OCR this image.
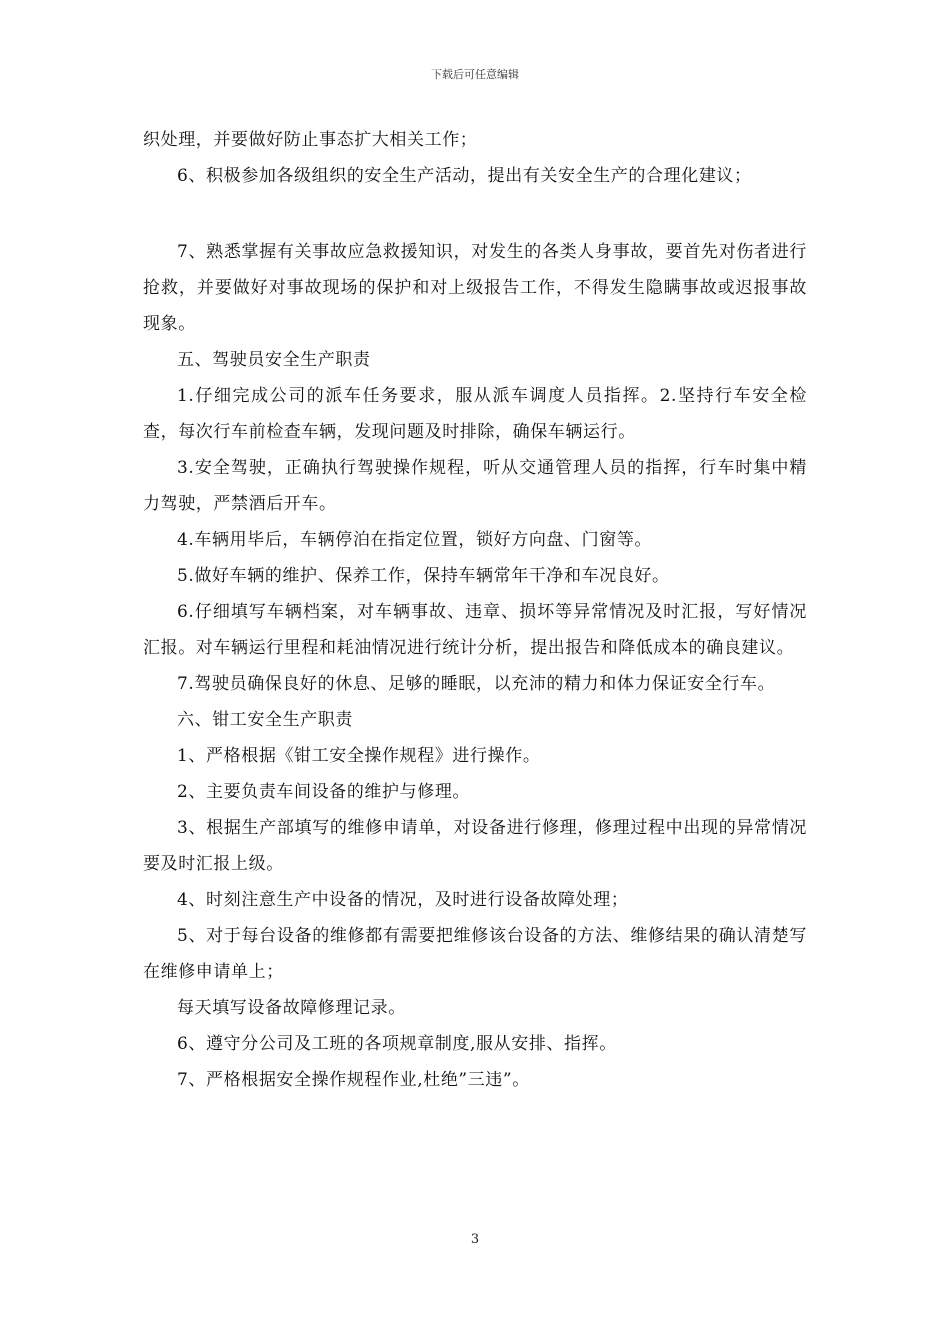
下载后可任意编辑

织处理，并要做好防止事态扩大相关工作；

6、积极参加各级组织的安全生产活动，提出有关安全生产的合理化建议；

7、熟悉掌握有关事故应急救援知识，对发生的各类人身事故，要首先对伤者进行抢救，并要做好对事故现场的保护和对上级报告工作，不得发生隐瞒事故或迟报事故现象。

五、驾驶员安全生产职责

1.仔细完成公司的派车任务要求，服从派车调度人员指挥。2.坚持行车安全检查，每次行车前检查车辆，发现问题及时排除，确保车辆运行。

3.安全驾驶，正确执行驾驶操作规程，听从交通管理人员的指挥，行车时集中精力驾驶，严禁酒后开车。

4.车辆用毕后，车辆停泊在指定位置，锁好方向盘、门窗等。

5.做好车辆的维护、保养工作，保持车辆常年干净和车况良好。

6.仔细填写车辆档案，对车辆事故、违章、损坏等异常情况及时汇报，写好情况汇报。对车辆运行里程和耗油情况进行统计分析，提出报告和降低成本的确良建议。

7.驾驶员确保良好的休息、足够的睡眠，以充沛的精力和体力保证安全行车。

六、钳工安全生产职责

1、严格根据《钳工安全操作规程》进行操作。

2、主要负责车间设备的维护与修理。

3、根据生产部填写的维修申请单，对设备进行修理，修理过程中出现的异常情况要及时汇报上级。

4、时刻注意生产中设备的情况，及时进行设备故障处理；

5、对于每台设备的维修都有需要把维修该台设备的方法、维修结果的确认清楚写在维修申请单上；

每天填写设备故障修理记录。

6、遵守分公司及工班的各项规章制度,服从安排、指挥。

7、严格根据安全操作规程作业,杜绝”三违”。

3
